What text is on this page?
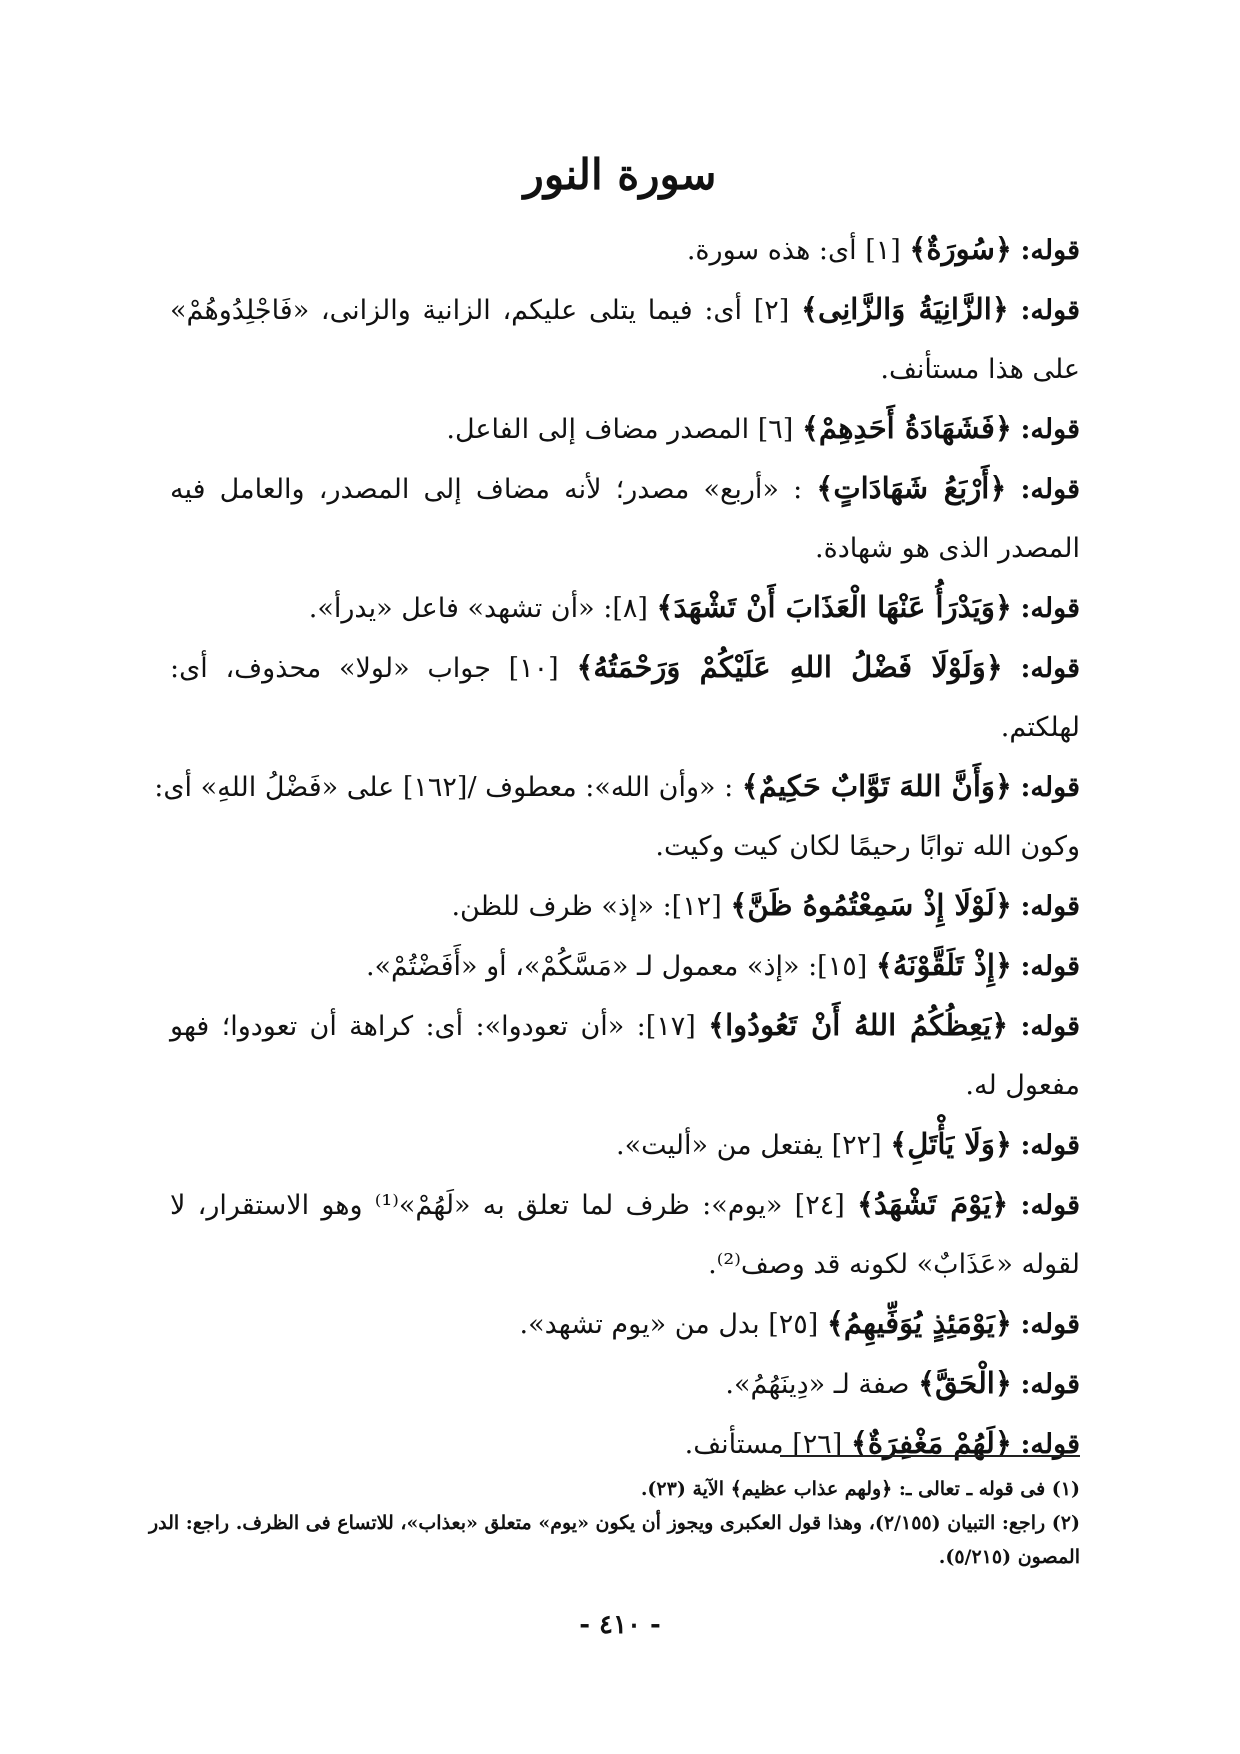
سورة النور
قوله: ﴿سُورَةٌ﴾ [١] أى: هذه سورة.
قوله: ﴿الزَّانِيَةُ وَالزَّانِى﴾ [٢] أى: فيما يتلى عليكم، الزانية والزانى، «فَاجْلِدُوهُمْ»
على هذا مستأنف.
قوله: ﴿فَشَهَادَةُ أَحَدِهِمْ﴾ [٦] المصدر مضاف إلى الفاعل.
قوله: ﴿أَرْبَعُ شَهَادَاتٍ﴾ : «أربع» مصدر؛ لأنه مضاف إلى المصدر، والعامل فيه
المصدر الذى هو شهادة.
قوله: ﴿وَيَدْرَأُ عَنْهَا الْعَذَابَ أَنْ تَشْهَدَ﴾ [٨]: «أن تشهد» فاعل «يدرأ».
قوله: ﴿وَلَوْلَا فَضْلُ اللهِ عَلَيْكُمْ وَرَحْمَتُهُ﴾ [١٠] جواب «لولا» محذوف، أى:
لهلكتم.
قوله: ﴿وَأَنَّ اللهَ تَوَّابٌ حَكِيمٌ﴾ : «وأن الله»: معطوف /[١٦٢] على «فَضْلُ اللهِ» أى:
وكون الله توابًا رحيمًا لكان كيت وكيت.
قوله: ﴿لَوْلَا إِذْ سَمِعْتُمُوهُ ظَنَّ﴾ [١٢]: «إذ» ظرف للظن.
قوله: ﴿إِذْ تَلَقَّوْنَهُ﴾ [١٥]: «إذ» معمول لـ «مَسَّكُمْ»، أو «أَفَضْتُمْ».
قوله: ﴿يَعِظُكُمُ اللهُ أَنْ تَعُودُوا﴾ [١٧]: «أن تعودوا»: أى: كراهة أن تعودوا؛ فهو
مفعول له.
قوله: ﴿وَلَا يَأْتَلِ﴾ [٢٢] يفتعل من «أليت».
قوله: ﴿يَوْمَ تَشْهَدُ﴾ [٢٤] «يوم»: ظرف لما تعلق به «لَهُمْ»⁽¹⁾ وهو الاستقرار، لا
لقوله «عَذَابٌ» لكونه قد وصف⁽²⁾.
قوله: ﴿يَوْمَئِذٍ يُوَفِّيهِمُ﴾ [٢٥] بدل من «يوم تشهد».
قوله: ﴿الْحَقَّ﴾ صفة لـ «دِينَهُمُ».
قوله: ﴿لَهُمْ مَغْفِرَةٌ﴾ [٢٦] مستأنف.
(١) فى قوله ـ تعالى ـ: ﴿ولهم عذاب عظيم﴾ الآية (٢٣).
(٢) راجع: التبيان (٢/١٥٥)، وهذا قول العكبرى ويجوز أن يكون «يوم» متعلق «بعذاب»، للاتساع فى الظرف. راجع: الدر
المصون (٥/٢١٥).
- ٤١٠ -
